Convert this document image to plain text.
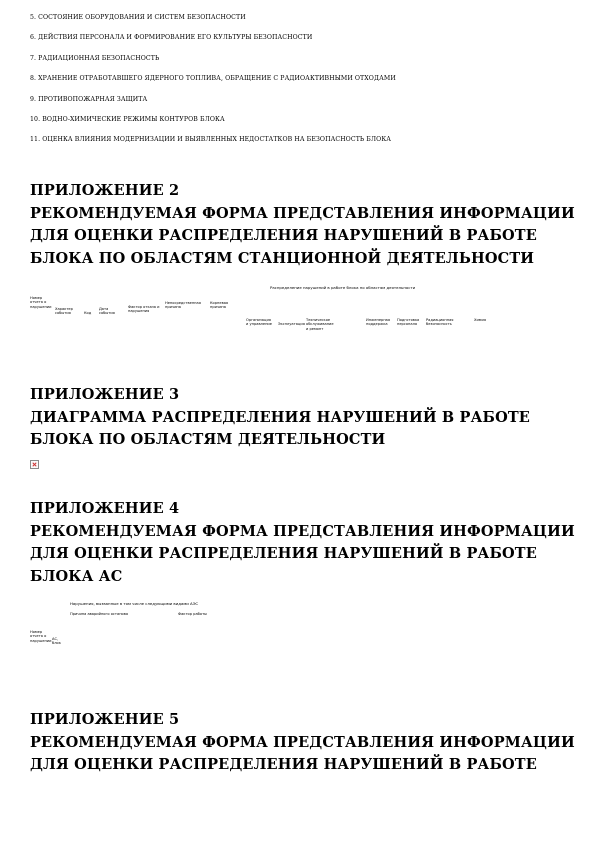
5. СОСТОЯНИЕ ОБОРУДОВАНИЯ И СИСТЕМ БЕЗОПАСНОСТИ
6. ДЕЙСТВИЯ ПЕРСОНАЛА И ФОРМИРОВАНИЕ ЕГО КУЛЬТУРЫ БЕЗОПАСНОСТИ
7. РАДИАЦИОННАЯ БЕЗОПАСНОСТЬ
8. ХРАНЕНИЕ ОТРАБОТАВШЕГО ЯДЕРНОГО ТОПЛИВА, ОБРАЩЕНИЕ С РАДИОАКТИВНЫМИ ОТХОДАМИ
9. ПРОТИВОПОЖАРНАЯ ЗАЩИТА
10. ВОДНО-ХИМИЧЕСКИЕ РЕЖИМЫ КОНТУРОВ БЛОКА
11. ОЦЕНКА ВЛИЯНИЯ МОДЕРНИЗАЦИИ И ВЫЯВЛЕННЫХ НЕДОСТАТКОВ НА БЕЗОПАСНОСТЬ БЛОКА
ПРИЛОЖЕНИЕ 2
РЕКОМЕНДУЕМАЯ ФОРМА ПРЕДСТАВЛЕНИЯ ИНФОРМАЦИИ
ДЛЯ ОЦЕНКИ РАСПРЕДЕЛЕНИЯ НАРУШЕНИЙ В РАБОТЕ
БЛОКА ПО ОБЛАСТЯМ СТАНЦИОННОЙ ДЕЯТЕЛЬНОСТИ
Распределение нарушений в работе блока по областям деятельности
Номер отчета о нарушении
Характер события	Код
Дата события
Фактор отказа и нарушения
Непосредственная причина
Корневая причина
Организация и управление	Эксплуатация
Техническое обслуживание и ремонт
Инженерная поддержка
Подготовка персонала
Радиационная безопасность
Химия
ПРИЛОЖЕНИЕ 3
ДИАГРАММА РАСПРЕДЕЛЕНИЯ НАРУШЕНИЙ В РАБОТЕ
БЛОКА ПО ОБЛАСТЯМ ДЕЯТЕЛЬНОСТИ
ПРИЛОЖЕНИЕ 4
РЕКОМЕНДУЕМАЯ ФОРМА ПРЕДСТАВЛЕНИЯ ИНФОРМАЦИИ
ДЛЯ ОЦЕНКИ РАСПРЕДЕЛЕНИЯ НАРУШЕНИЙ В РАБОТЕ
БЛОКА АС
Нарушения, вызванные в том числе следующими видами АЭС
Номер отчета о нарушении АС, блок
Причина аварийного останова	Фактор работы
ПРИЛОЖЕНИЕ 5
РЕКОМЕНДУЕМАЯ ФОРМА ПРЕДСТАВЛЕНИЯ ИНФОРМАЦИИ
ДЛЯ ОЦЕНКИ РАСПРЕДЕЛЕНИЯ НАРУШЕНИЙ В РАБОТЕ
